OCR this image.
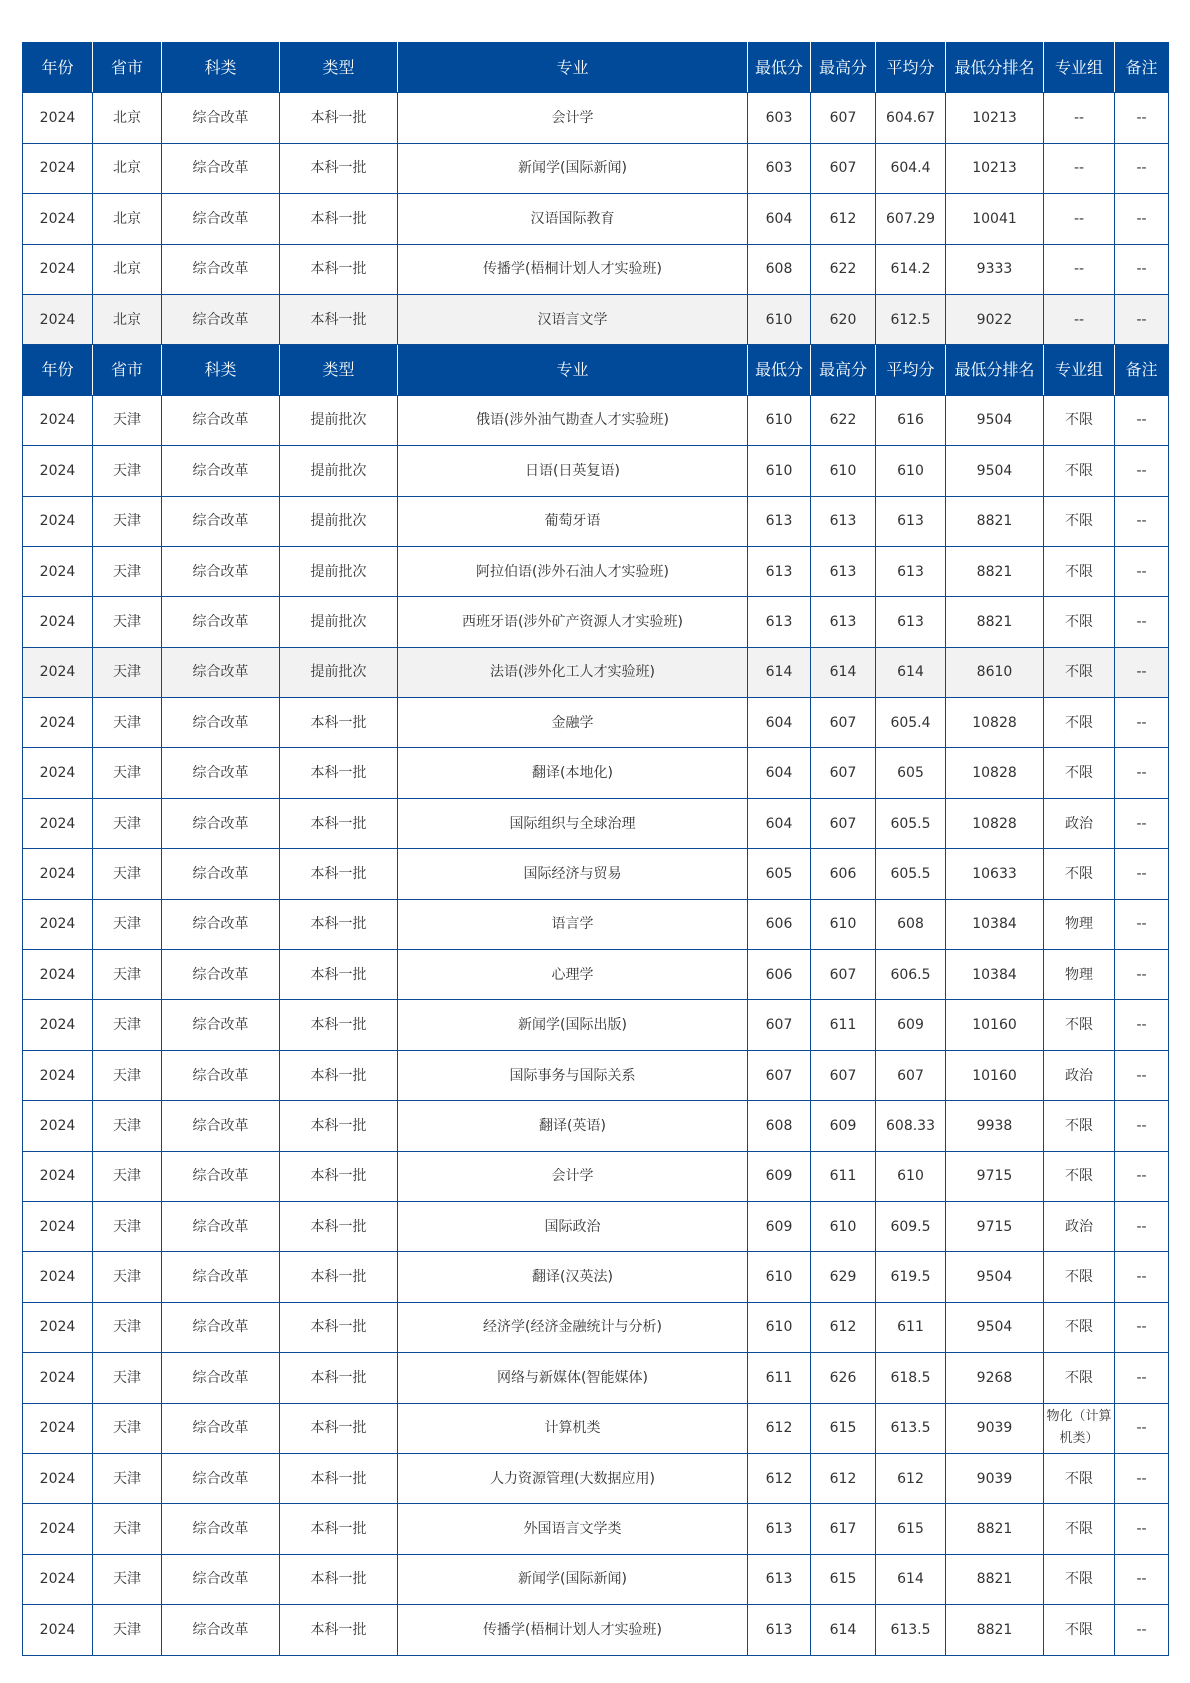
年份	省市	科类	类型	专业	最低分	最高分	平均分	最低分排名	专业组	备注
2024	北京	综合改革	本科一批	会计学	603	607	604.67	10213	--	--
2024	北京	综合改革	本科一批	新闻学(国际新闻)	603	607	604.4	10213	--	--
2024	北京	综合改革	本科一批	汉语国际教育	604	612	607.29	10041	--	--
2024	北京	综合改革	本科一批	传播学(梧桐计划人才实验班)	608	622	614.2	9333	--	--
2024	北京	综合改革	本科一批	汉语言文学	610	620	612.5	9022	--	--
年份	省市	科类	类型	专业	最低分	最高分	平均分	最低分排名	专业组	备注
2024	天津	综合改革	提前批次	俄语(涉外油气勘查人才实验班)	610	622	616	9504	不限	--
2024	天津	综合改革	提前批次	日语(日英复语)	610	610	610	9504	不限	--
2024	天津	综合改革	提前批次	葡萄牙语	613	613	613	8821	不限	--
2024	天津	综合改革	提前批次	阿拉伯语(涉外石油人才实验班)	613	613	613	8821	不限	--
2024	天津	综合改革	提前批次	西班牙语(涉外矿产资源人才实验班)	613	613	613	8821	不限	--
2024	天津	综合改革	提前批次	法语(涉外化工人才实验班)	614	614	614	8610	不限	--
2024	天津	综合改革	本科一批	金融学	604	607	605.4	10828	不限	--
2024	天津	综合改革	本科一批	翻译(本地化)	604	607	605	10828	不限	--
2024	天津	综合改革	本科一批	国际组织与全球治理	604	607	605.5	10828	政治	--
2024	天津	综合改革	本科一批	国际经济与贸易	605	606	605.5	10633	不限	--
2024	天津	综合改革	本科一批	语言学	606	610	608	10384	物理	--
2024	天津	综合改革	本科一批	心理学	606	607	606.5	10384	物理	--
2024	天津	综合改革	本科一批	新闻学(国际出版)	607	611	609	10160	不限	--
2024	天津	综合改革	本科一批	国际事务与国际关系	607	607	607	10160	政治	--
2024	天津	综合改革	本科一批	翻译(英语)	608	609	608.33	9938	不限	--
2024	天津	综合改革	本科一批	会计学	609	611	610	9715	不限	--
2024	天津	综合改革	本科一批	国际政治	609	610	609.5	9715	政治	--
2024	天津	综合改革	本科一批	翻译(汉英法)	610	629	619.5	9504	不限	--
2024	天津	综合改革	本科一批	经济学(经济金融统计与分析)	610	612	611	9504	不限	--
2024	天津	综合改革	本科一批	网络与新媒体(智能媒体)	611	626	618.5	9268	不限	--
2024	天津	综合改革	本科一批	计算机类	612	615	613.5	9039	物化（计算机类）	--
2024	天津	综合改革	本科一批	人力资源管理(大数据应用)	612	612	612	9039	不限	--
2024	天津	综合改革	本科一批	外国语言文学类	613	617	615	8821	不限	--
2024	天津	综合改革	本科一批	新闻学(国际新闻)	613	615	614	8821	不限	--
2024	天津	综合改革	本科一批	传播学(梧桐计划人才实验班)	613	614	613.5	8821	不限	--
